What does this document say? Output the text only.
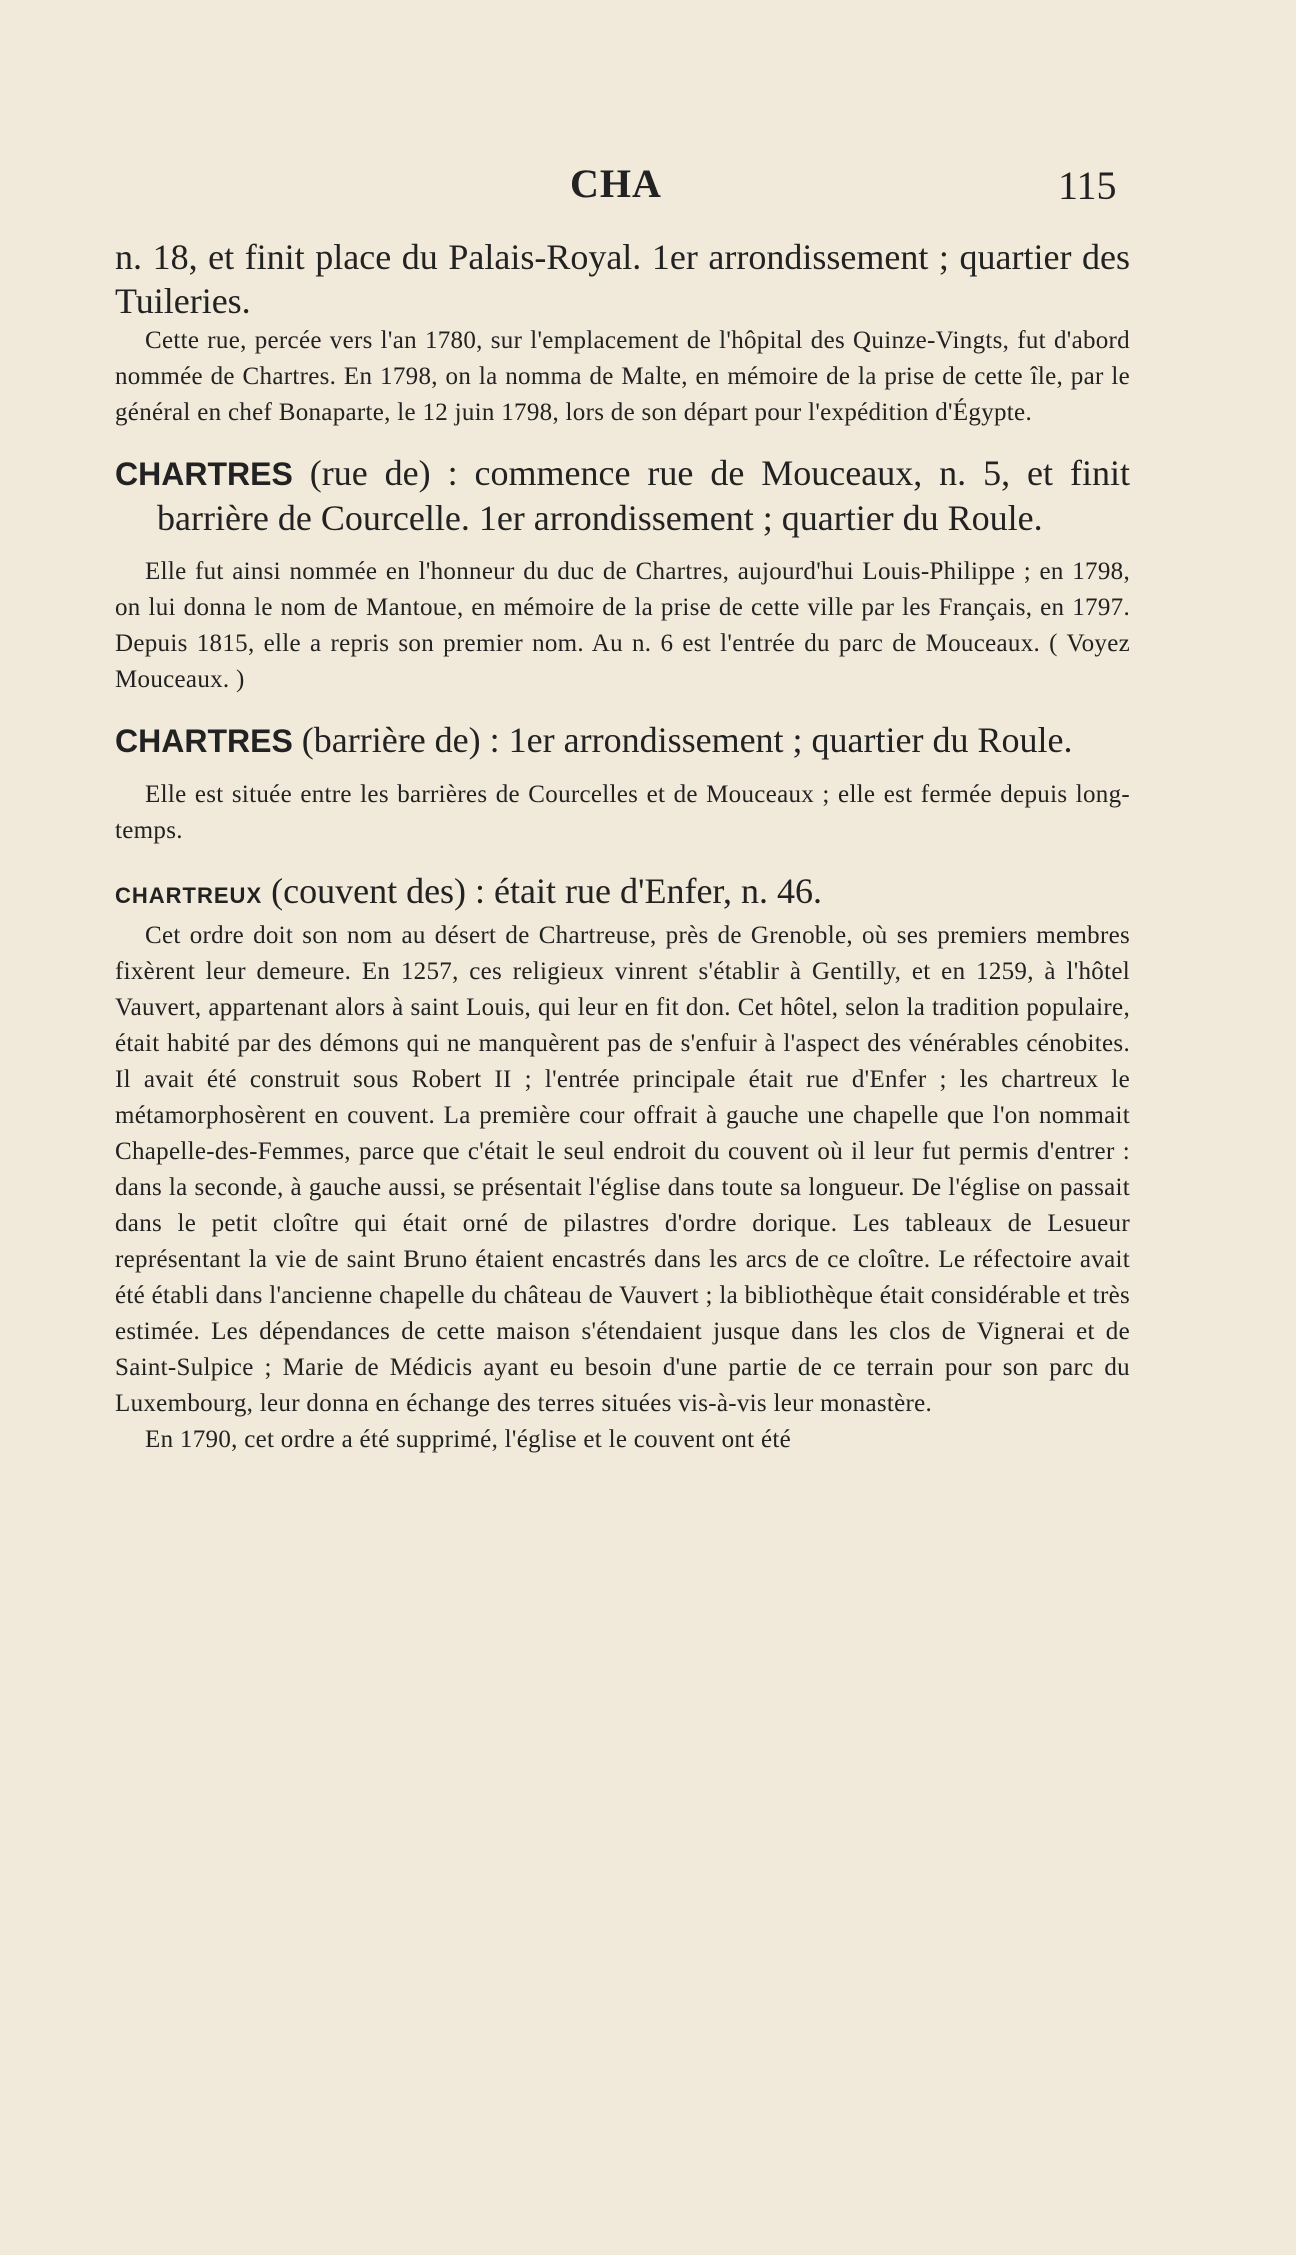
CHA	115

n. 18, et finit place du Palais-Royal. 1er arrondissement ; quartier des Tuileries.

Cette rue, percée vers l'an 1780, sur l'emplacement de l'hôpital des Quinze-Vingts, fut d'abord nommée de Chartres. En 1798, on la nomma de Malte, en mémoire de la prise de cette île, par le général en chef Bonaparte, le 12 juin 1798, lors de son départ pour l'expédition d'Égypte.

CHARTRES (rue de) : commence rue de Mouceaux, n. 5, et finit barrière de Courcelle. 1er arrondissement ; quartier du Roule.

Elle fut ainsi nommée en l'honneur du duc de Chartres, aujourd'hui Louis-Philippe ; en 1798, on lui donna le nom de Mantoue, en mémoire de la prise de cette ville par les Français, en 1797. Depuis 1815, elle a repris son premier nom. Au n. 6 est l'entrée du parc de Mouceaux. ( Voyez Mouceaux. )

CHARTRES (barrière de) : 1er arrondissement ; quartier du Roule.

Elle est située entre les barrières de Courcelles et de Mouceaux ; elle est fermée depuis long-temps.

CHARTREUX (couvent des) : était rue d'Enfer, n. 46.

Cet ordre doit son nom au désert de Chartreuse, près de Grenoble, où ses premiers membres fixèrent leur demeure. En 1257, ces religieux vinrent s'établir à Gentilly, et en 1259, à l'hôtel Vauvert, appartenant alors à saint Louis, qui leur en fit don. Cet hôtel, selon la tradition populaire, était habité par des démons qui ne manquèrent pas de s'enfuir à l'aspect des vénérables cénobites. Il avait été construit sous Robert II ; l'entrée principale était rue d'Enfer ; les chartreux le métamorphosèrent en couvent. La première cour offrait à gauche une chapelle que l'on nommait Chapelle-des-Femmes, parce que c'était le seul endroit du couvent où il leur fut permis d'entrer : dans la seconde, à gauche aussi, se présentait l'église dans toute sa longueur. De l'église on passait dans le petit cloître qui était orné de pilastres d'ordre dorique. Les tableaux de Lesueur représentant la vie de saint Bruno étaient encastrés dans les arcs de ce cloître. Le réfectoire avait été établi dans l'ancienne chapelle du château de Vauvert ; la bibliothèque était considérable et très estimée. Les dépendances de cette maison s'étendaient jusque dans les clos de Vignerai et de Saint-Sulpice ; Marie de Médicis ayant eu besoin d'une partie de ce terrain pour son parc du Luxembourg, leur donna en échange des terres situées vis-à-vis leur monastère.

En 1790, cet ordre a été supprimé, l'église et le couvent ont été
